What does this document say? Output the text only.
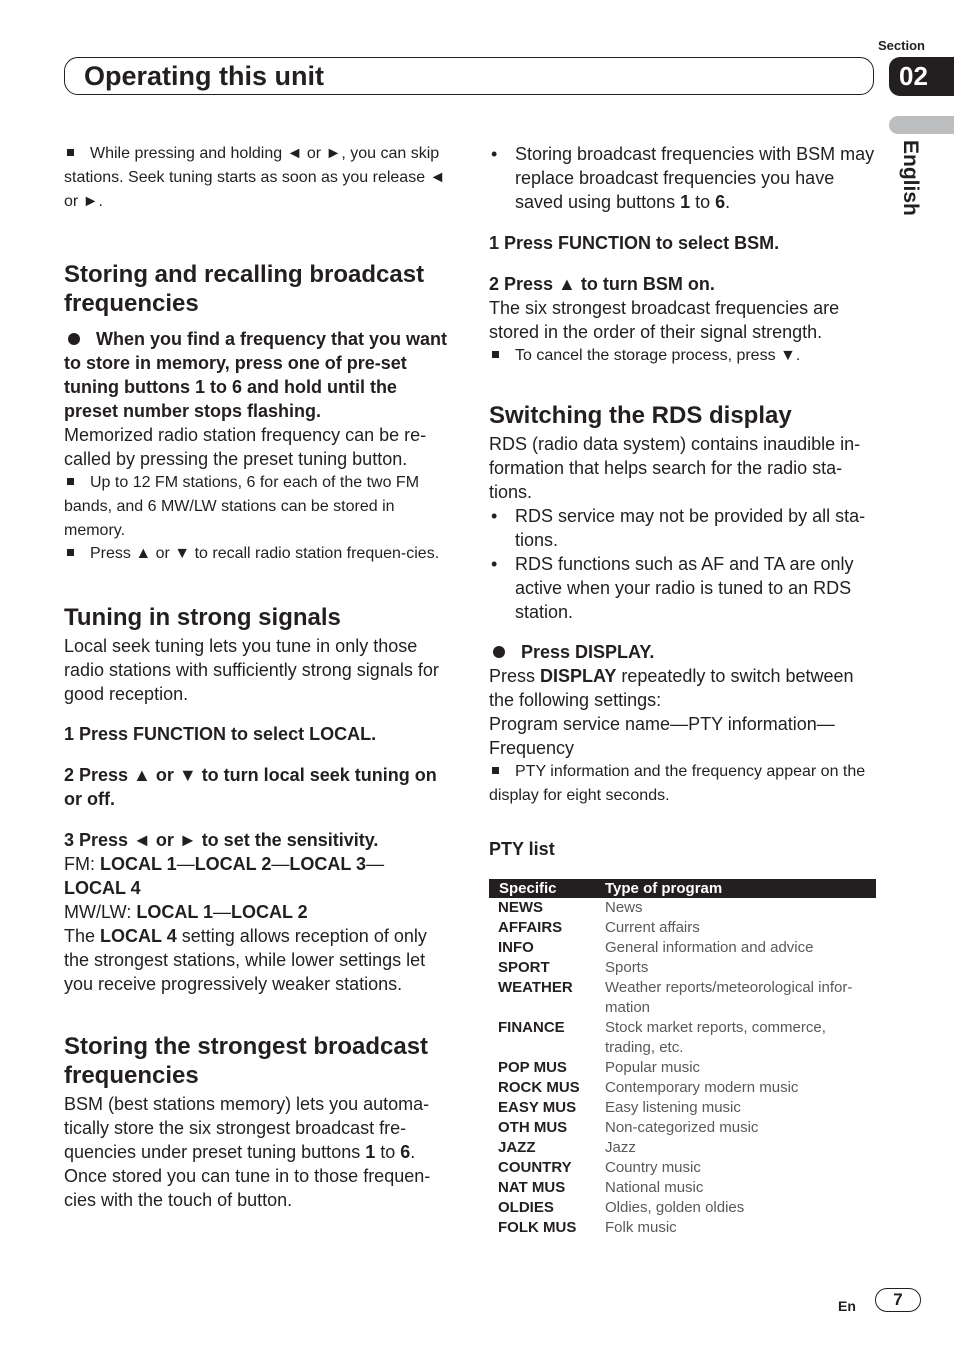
Section
02
Operating this unit
English

While pressing and holding ◄ or ►, you can skip stations. Seek tuning starts as soon as you release ◄ or ►.

Storing and recalling broadcast
frequencies

When you find a frequency that you want to store in memory, press one of pre-set tuning buttons 1 to 6 and hold until the preset number stops flashing.

Memorized radio station frequency can be re-called by pressing the preset tuning button.

Up to 12 FM stations, 6 for each of the two FM bands, and 6 MW/LW stations can be stored in memory.

Press ▲ or ▼ to recall radio station frequen-cies.

Tuning in strong signals

Local seek tuning lets you tune in only those radio stations with sufficiently strong signals for good reception.

1 Press FUNCTION to select LOCAL.

2 Press ▲ or ▼ to turn local seek tuning on or off.

3 Press ◄ or ► to set the sensitivity.

FM: LOCAL 1—LOCAL 2—LOCAL 3—
LOCAL 4

MW/LW: LOCAL 1—LOCAL 2

The LOCAL 4 setting allows reception of only the strongest stations, while lower settings let you receive progressively weaker stations.

Storing the strongest broadcast
frequencies

BSM (best stations memory) lets you automa-tically store the six strongest broadcast fre-quencies under preset tuning buttons 1 to 6. Once stored you can tune in to those frequen-cies with the touch of button.

• Storing broadcast frequencies with BSM may replace broadcast frequencies you have saved using buttons 1 to 6.

1 Press FUNCTION to select BSM.

2 Press ▲ to turn BSM on.

The six strongest broadcast frequencies are stored in the order of their signal strength.

To cancel the storage process, press ▼.

Switching the RDS display

RDS (radio data system) contains inaudible in-formation that helps search for the radio sta-tions.

• RDS service may not be provided by all sta-tions.

• RDS functions such as AF and TA are only active when your radio is tuned to an RDS station.

Press DISPLAY.

Press DISPLAY repeatedly to switch between the following settings:

Program service name—PTY information—Frequency

PTY information and the frequency appear on the display for eight seconds.

PTY list

Specific	Type of program
NEWS	News
AFFAIRS	Current affairs
INFO	General information and advice
SPORT	Sports
WEATHER Weather reports/meteorological infor-mation
FINANCE	Stock market reports, commerce, trading, etc.
POP MUS	Popular music
ROCK MUS Contemporary modern music
EASY MUS Easy listening music
OTH MUS	Non-categorized music
JAZZ	Jazz
COUNTRY Country music
NAT MUS	National music
OLDIES	Oldies, golden oldies
FOLK MUS Folk music
En	7
